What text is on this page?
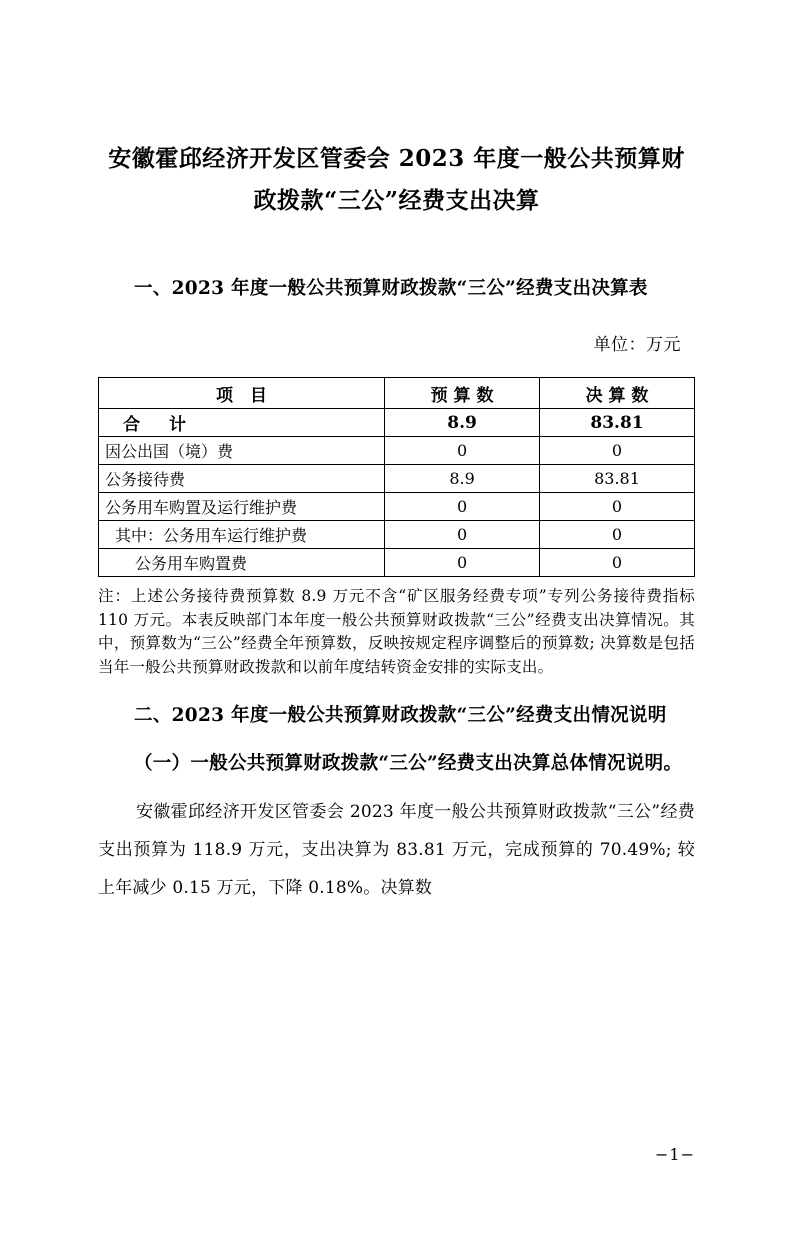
安徽霍邱经济开发区管委会 2023 年度一般公共预算财政拨款“三公”经费支出决算
一、2023 年度一般公共预算财政拨款“三公”经费支出决算表
单位：万元
项　目	预 算 数	决 算 数
合　计	8.9	83.81
因公出国（境）费	0	0
公务接待费	8.9	83.81
公务用车购置及运行维护费	0	0
其中：公务用车运行维护费	0	0
公务用车购置费	0	0
注：上述公务接待费预算数 8.9 万元不含“矿区服务经费专项”专列公务接待费指标 110 万元。本表反映部门本年度一般公共预算财政拨款“三公”经费支出决算情况。其中，预算数为“三公”经费全年预算数，反映按规定程序调整后的预算数; 决算数是包括当年一般公共预算财政拨款和以前年度结转资金安排的实际支出。
二、2023 年度一般公共预算财政拨款“三公”经费支出情况说明
（一）一般公共预算财政拨款“三公”经费支出决算总体情况说明。
安徽霍邱经济开发区管委会 2023 年度一般公共预算财政拨款“三公”经费支出预算为 118.9 万元，支出决算为 83.81 万元，完成预算的 70.49%; 较上年减少 0.15 万元，下降 0.18%。决算数
−1−
